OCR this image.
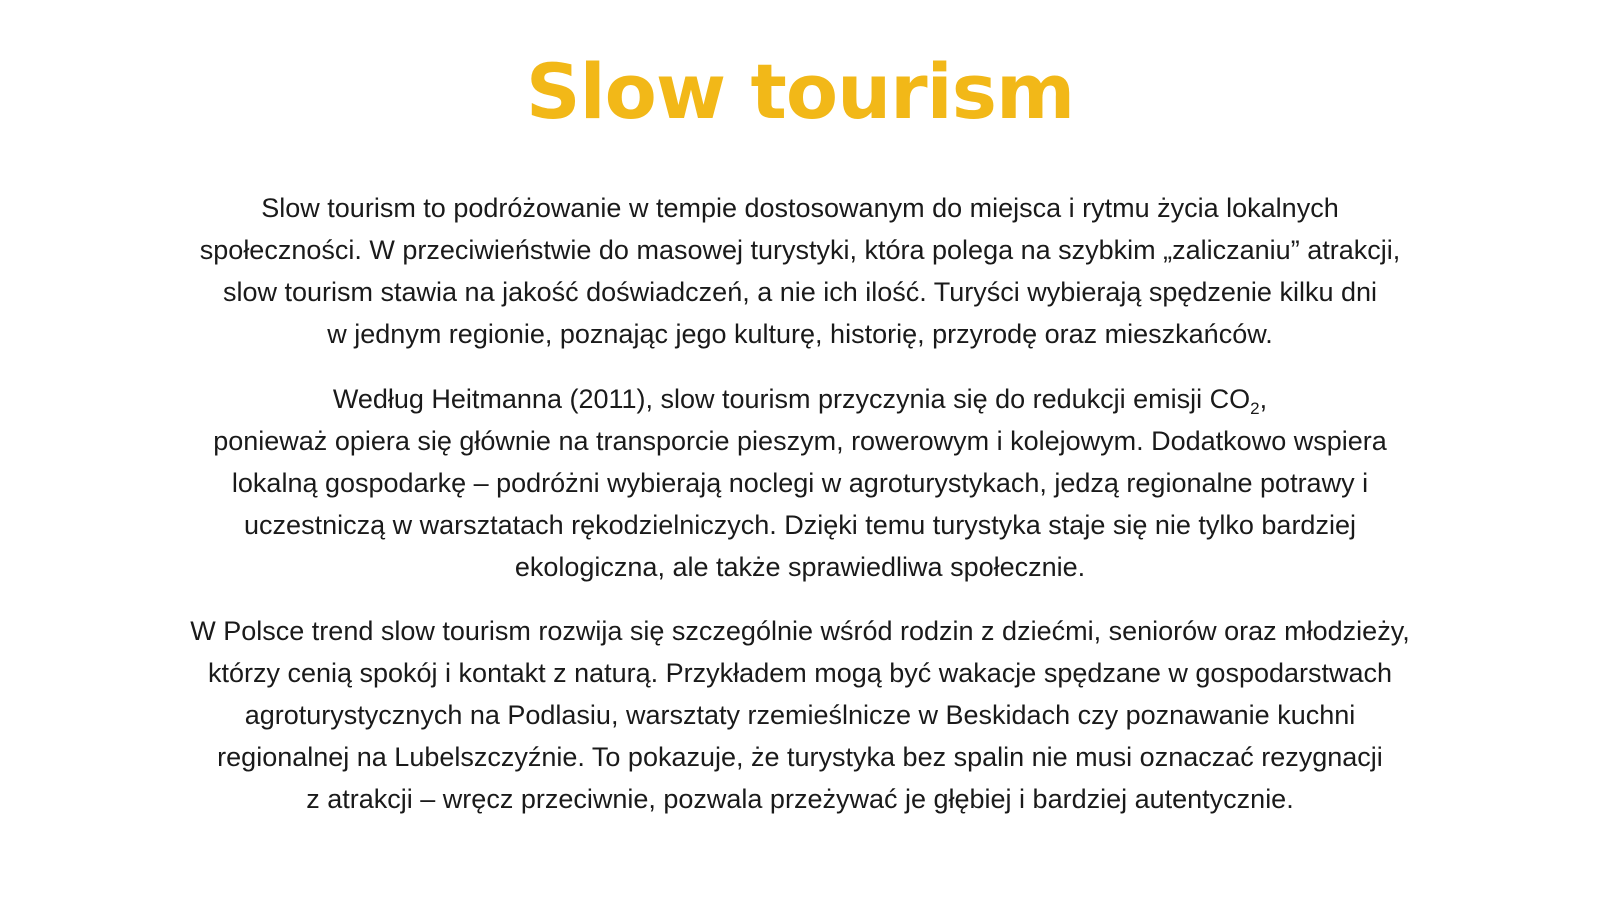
Slow tourism

Slow tourism to podróżowanie w tempie dostosowanym do miejsca i rytmu życia lokalnych
społeczności. W przeciwieństwie do masowej turystyki, która polega na szybkim „zaliczaniu” atrakcji,
slow tourism stawia na jakość doświadczeń, a nie ich ilość. Turyści wybierają spędzenie kilku dni
w jednym regionie, poznając jego kulturę, historię, przyrodę oraz mieszkańców.

Według Heitmanna (2011), slow tourism przyczynia się do redukcji emisji $CO_2$,
ponieważ opiera się głównie na transporcie pieszym, rowerowym i kolejowym. Dodatkowo wspiera
lokalną gospodarkę – podróżni wybierają noclegi w agroturystykach, jedzą regionalne potrawy i
uczestniczą w warsztatach rękodzielniczych. Dzięki temu turystyka staje się nie tylko bardziej
ekologiczna, ale także sprawiedliwa społecznie.

W Polsce trend slow tourism rozwija się szczególnie wśród rodzin z dziećmi, seniorów oraz młodzieży,
którzy cenią spokój i kontakt z naturą. Przykładem mogą być wakacje spędzane w gospodarstwach
agroturystycznych na Podlasiu, warsztaty rzemieślnicze w Beskidach czy poznawanie kuchni
regionalnej na Lubelszczyźnie. To pokazuje, że turystyka bez spalin nie musi oznaczać rezygnacji
z atrakcji – wręcz przeciwnie, pozwala przeżywać je głębiej i bardziej autentycznie.
